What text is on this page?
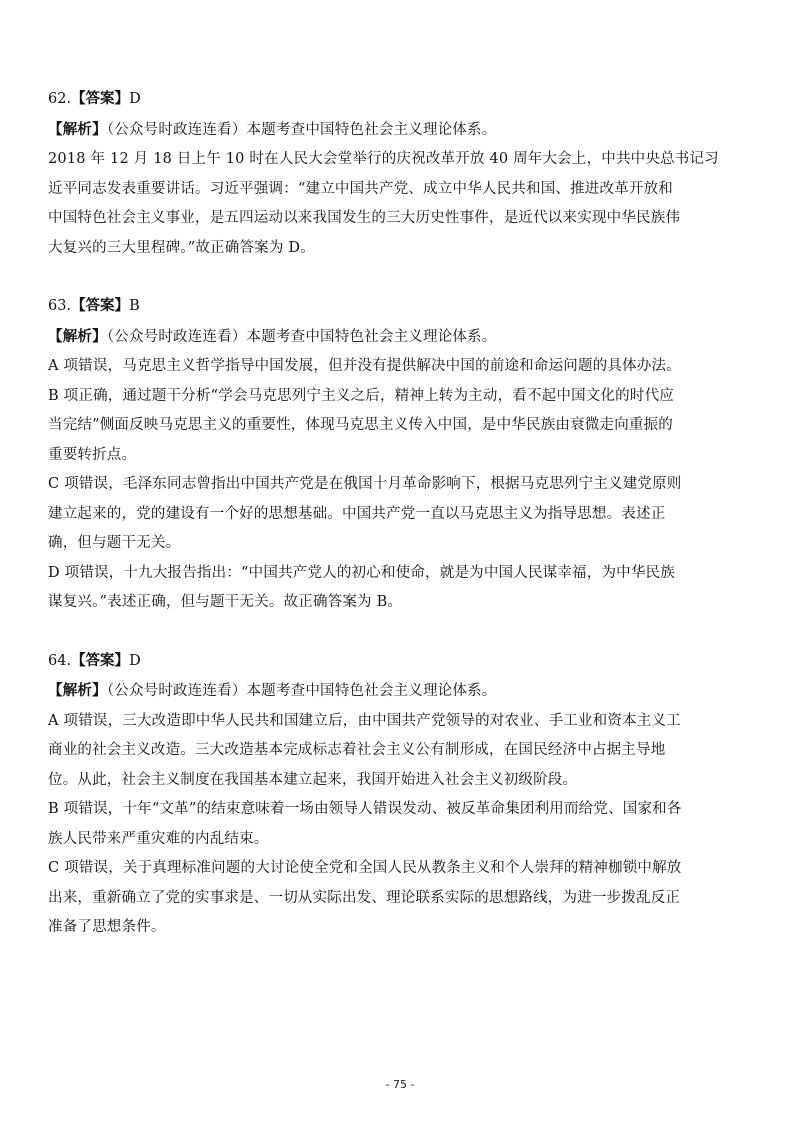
62.【答案】D
【解析】（公众号时政连连看）本题考查中国特色社会主义理论体系。
2018 年 12 月 18 日上午 10 时在人民大会堂举行的庆祝改革开放 40 周年大会上，中共中央总书记习
近平同志发表重要讲话。习近平强调：“建立中国共产党、成立中华人民共和国、推进改革开放和
中国特色社会主义事业，是五四运动以来我国发生的三大历史性事件，是近代以来实现中华民族伟
大复兴的三大里程碑。”故正确答案为 D。
63.【答案】B
【解析】（公众号时政连连看）本题考查中国特色社会主义理论体系。
A 项错误，马克思主义哲学指导中国发展，但并没有提供解决中国的前途和命运问题的具体办法。
B 项正确，通过题干分析“学会马克思列宁主义之后，精神上转为主动，看不起中国文化的时代应
当完结”侧面反映马克思主义的重要性，体现马克思主义传入中国，是中华民族由衰微走向重振的
重要转折点。
C 项错误，毛泽东同志曾指出中国共产党是在俄国十月革命影响下，根据马克思列宁主义建党原则
建立起来的，党的建设有一个好的思想基础。中国共产党一直以马克思主义为指导思想。表述正
确，但与题干无关。
D 项错误，十九大报告指出：“中国共产党人的初心和使命，就是为中国人民谋幸福，为中华民族
谋复兴。”表述正确，但与题干无关。故正确答案为 B。
64.【答案】D
【解析】（公众号时政连连看）本题考查中国特色社会主义理论体系。
A 项错误，三大改造即中华人民共和国建立后，由中国共产党领导的对农业、手工业和资本主义工
商业的社会主义改造。三大改造基本完成标志着社会主义公有制形成，在国民经济中占据主导地
位。从此，社会主义制度在我国基本建立起来，我国开始进入社会主义初级阶段。
B 项错误，十年“文革”的结束意味着一场由领导人错误发动、被反革命集团利用而给党、国家和各
族人民带来严重灾难的内乱结束。
C 项错误，关于真理标准问题的大讨论使全党和全国人民从教条主义和个人崇拜的精神枷锁中解放
出来，重新确立了党的实事求是、一切从实际出发、理论联系实际的思想路线，为进一步拨乱反正
准备了思想条件。
- 75 -
